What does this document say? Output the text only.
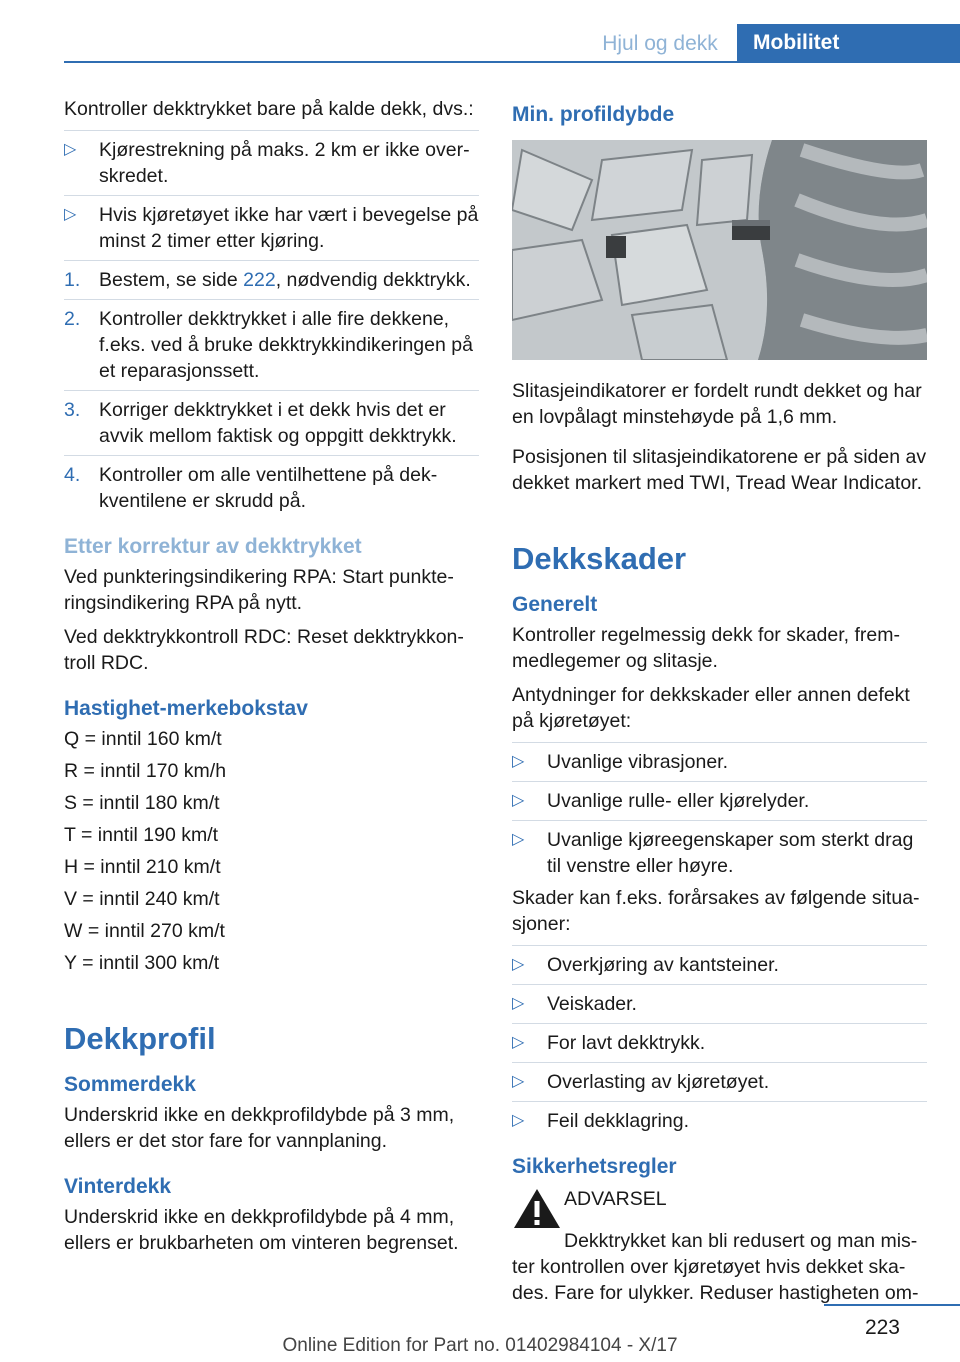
Hjul og dekk	Mobilitet

Kontroller dekktrykket bare på kalde dekk, dvs.:

▷	Kjørestrekning på maks. 2 km er ikke overskredet.
▷	Hvis kjøretøyet ikke har vært i bevegelse på minst 2 timer etter kjøring.
1. Bestem, se side 222, nødvendig dekktrykk.
2. Kontroller dekktrykket i alle fire dekkene, f.eks. ved å bruke dekktrykkindikeringen på et reparasjonssett.
3. Korriger dekktrykket i et dekk hvis det er avvik mellom faktisk og oppgitt dekktrykk.
4. Kontroller om alle ventilhettene på dekkventilene er skrudd på.
Etter korrektur av dekktrykket

Ved punkteringsindikering RPA: Start punkteringsindikering RPA på nytt.

Ved dekktrykkontroll RDC: Reset dekktrykkontroll RDC.

Hastighet-merkebokstav

Q = inntil 160 km/t

R = inntil 170 km/h

S = inntil 180 km/t

T = inntil 190 km/t

H = inntil 210 km/t

V = inntil 240 km/t

W = inntil 270 km/t

Y = inntil 300 km/t

Dekkprofil
Sommerdekk

Underskrid ikke en dekkprofildybde på 3 mm, ellers er det stor fare for vannplaning.

Vinterdekk

Underskrid ikke en dekkprofildybde på 4 mm, ellers er brukbarheten om vinteren begrenset.

Min. profildybde

Slitasjeindikatorer er fordelt rundt dekket og har en lovpålagt minstehøyde på 1,6 mm.

Posisjonen til slitasjeindikatorene er på siden av dekket markert med TWI, Tread Wear Indicator.

Dekkskader
Generelt

Kontroller regelmessig dekk for skader, fremmedlegemer og slitasje.

Antydninger for dekkskader eller annen defekt på kjøretøyet:

▷	Uvanlige vibrasjoner.
▷	Uvanlige rulle- eller kjørelyder.
▷	Uvanlige kjøreegenskaper som sterkt drag til venstre eller høyre.

Skader kan f.eks. forårsakes av følgende situasjoner:

▷	Overkjøring av kantsteiner.
▷	Veiskader.
▷	For lavt dekktrykk.
▷	Overlasting av kjøretøyet.
▷	Feil dekklagring.
Sikkerhetsregler
ADVARSEL

Dekktrykket kan bli redusert og man mister kontrollen over kjøretøyet hvis dekket skades. Fare for ulykker. Reduser hastigheten om-

223
Online Edition for Part no. 01402984104 - X/17
